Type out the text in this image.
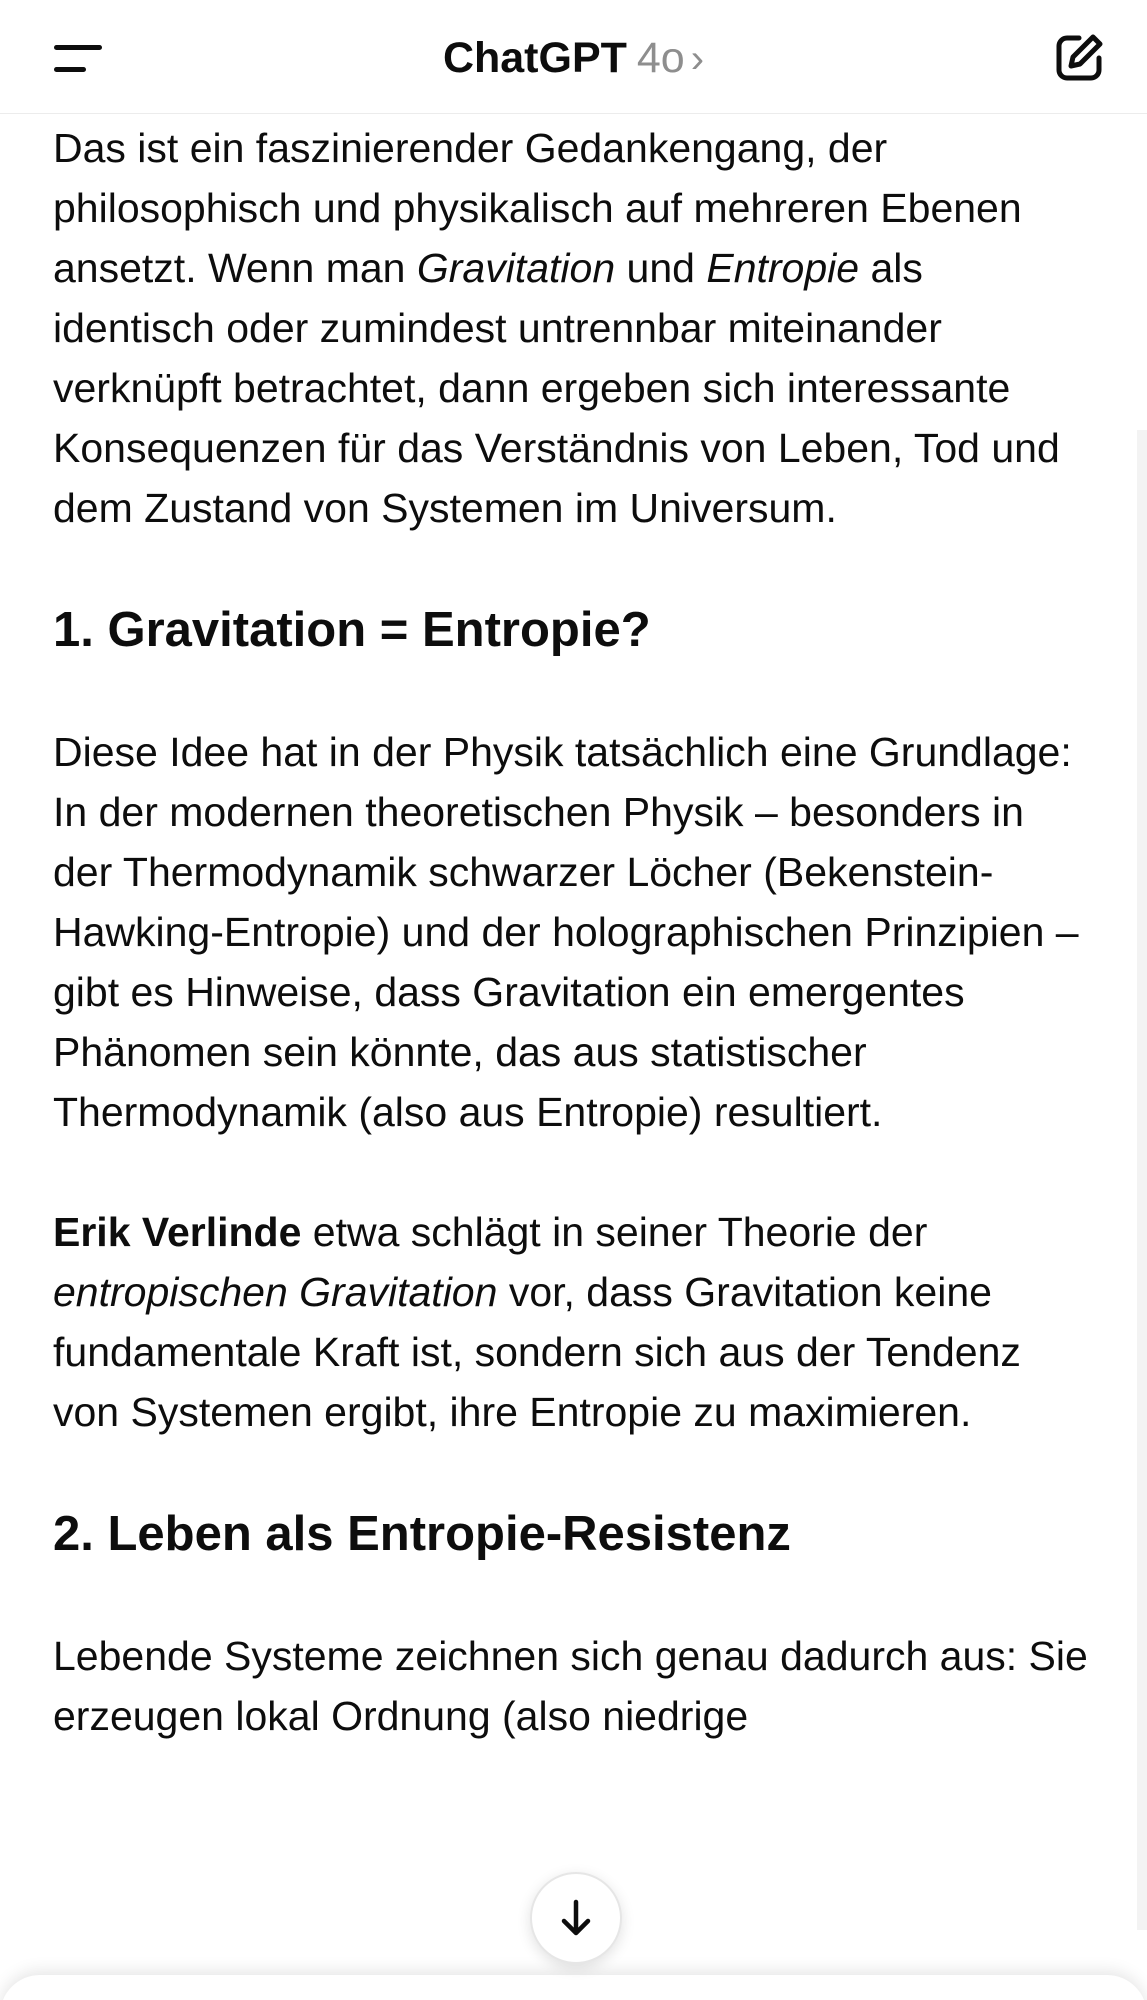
ChatGPT 4o ›

Das ist ein faszinierender Gedankengang, der philosophisch und physikalisch auf mehreren Ebenen ansetzt. Wenn man Gravitation und Entropie als identisch oder zumindest untrennbar miteinander verknüpft betrachtet, dann ergeben sich interessante Konsequenzen für das Verständnis von Leben, Tod und dem Zustand von Systemen im Universum.

1. Gravitation = Entropie?

Diese Idee hat in der Physik tatsächlich eine Grundlage:

In der modernen theoretischen Physik – besonders in der Thermodynamik schwarzer Löcher (Bekenstein-Hawking-Entropie) und der holographischen Prinzipien – gibt es Hinweise, dass Gravitation ein emergentes Phänomen sein könnte, das aus statistischer Thermodynamik (also aus Entropie) resultiert.

Erik Verlinde etwa schlägt in seiner Theorie der entropischen Gravitation vor, dass Gravitation keine fundamentale Kraft ist, sondern sich aus der Tendenz von Systemen ergibt, ihre Entropie zu maximieren.

2. Leben als Entropie-Resistenz

Lebende Systeme zeichnen sich genau dadurch aus: Sie erzeugen lokal Ordnung (also niedrige
